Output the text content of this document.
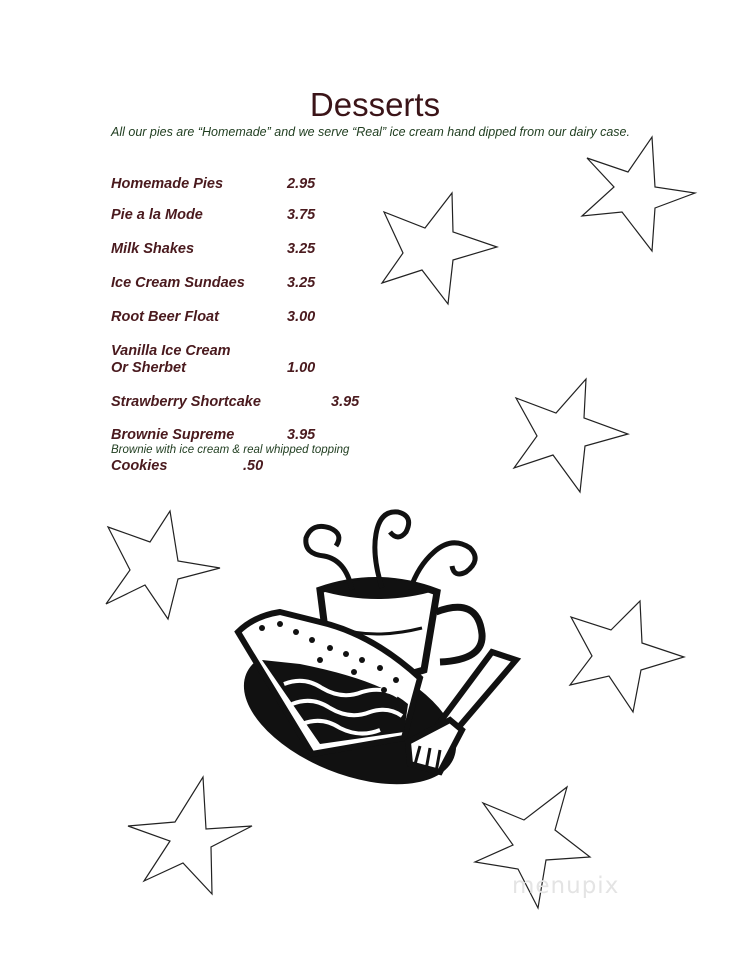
Desserts
All our pies are “Homemade” and we serve “Real” ice cream hand dipped from our dairy case.
Homemade Pies	2.95
Pie a la Mode	3.75
Milk Shakes	3.25
Ice Cream Sundaes	3.25
Root Beer Float	3.00
Vanilla Ice Cream
Or Sherbet	1.00
Strawberry Shortcake	3.95
Brownie Supreme	3.95
Brownie with ice cream & real whipped topping
Cookies	.50
menupix
